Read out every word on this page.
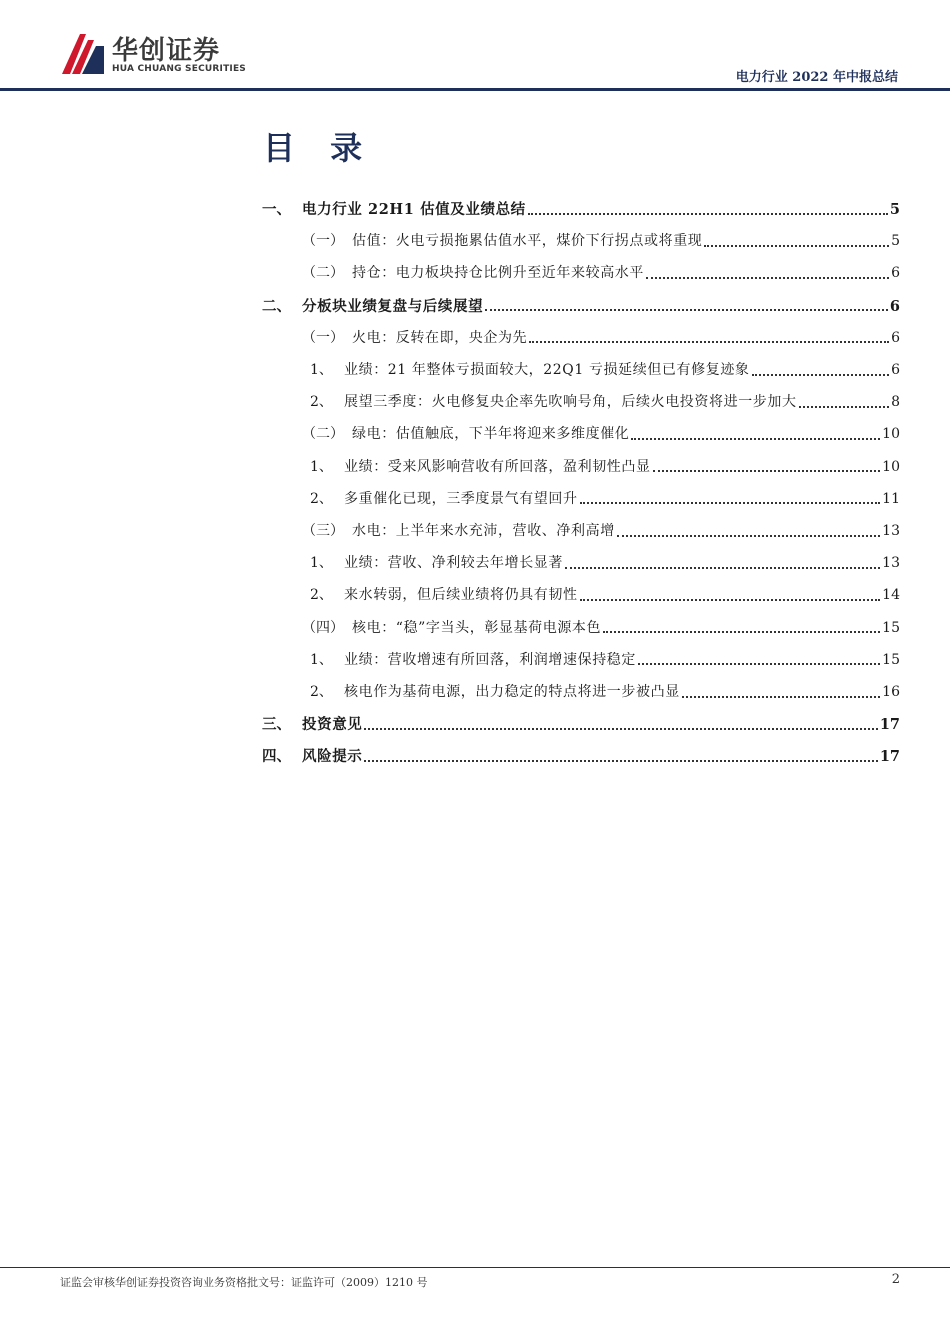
华创证券
HUA CHUANG SECURITIES
电力行业 2022 年中报总结
目 录
一、 电力行业 22H1 估值及业绩总结	5
（一） 估值：火电亏损拖累估值水平，煤价下行拐点或将重现	5
（二） 持仓：电力板块持仓比例升至近年来较高水平	6
二、 分板块业绩复盘与后续展望	6
（一） 火电：反转在即，央企为先	6
1、 业绩：21 年整体亏损面较大，22Q1 亏损延续但已有修复迹象	6
2、 展望三季度：火电修复央企率先吹响号角，后续火电投资将进一步加大	8
（二） 绿电：估值触底，下半年将迎来多维度催化	10
1、 业绩：受来风影响营收有所回落，盈利韧性凸显	10
2、 多重催化已现，三季度景气有望回升	11
（三） 水电：上半年来水充沛，营收、净利高增	13
1、 业绩：营收、净利较去年增长显著	13
2、 来水转弱，但后续业绩将仍具有韧性	14
（四） 核电：“稳”字当头，彰显基荷电源本色	15
1、 业绩：营收增速有所回落，利润增速保持稳定	15
2、 核电作为基荷电源，出力稳定的特点将进一步被凸显	16
三、 投资意见	17
四、 风险提示	17
证监会审核华创证券投资咨询业务资格批文号：证监许可（2009）1210 号	2
